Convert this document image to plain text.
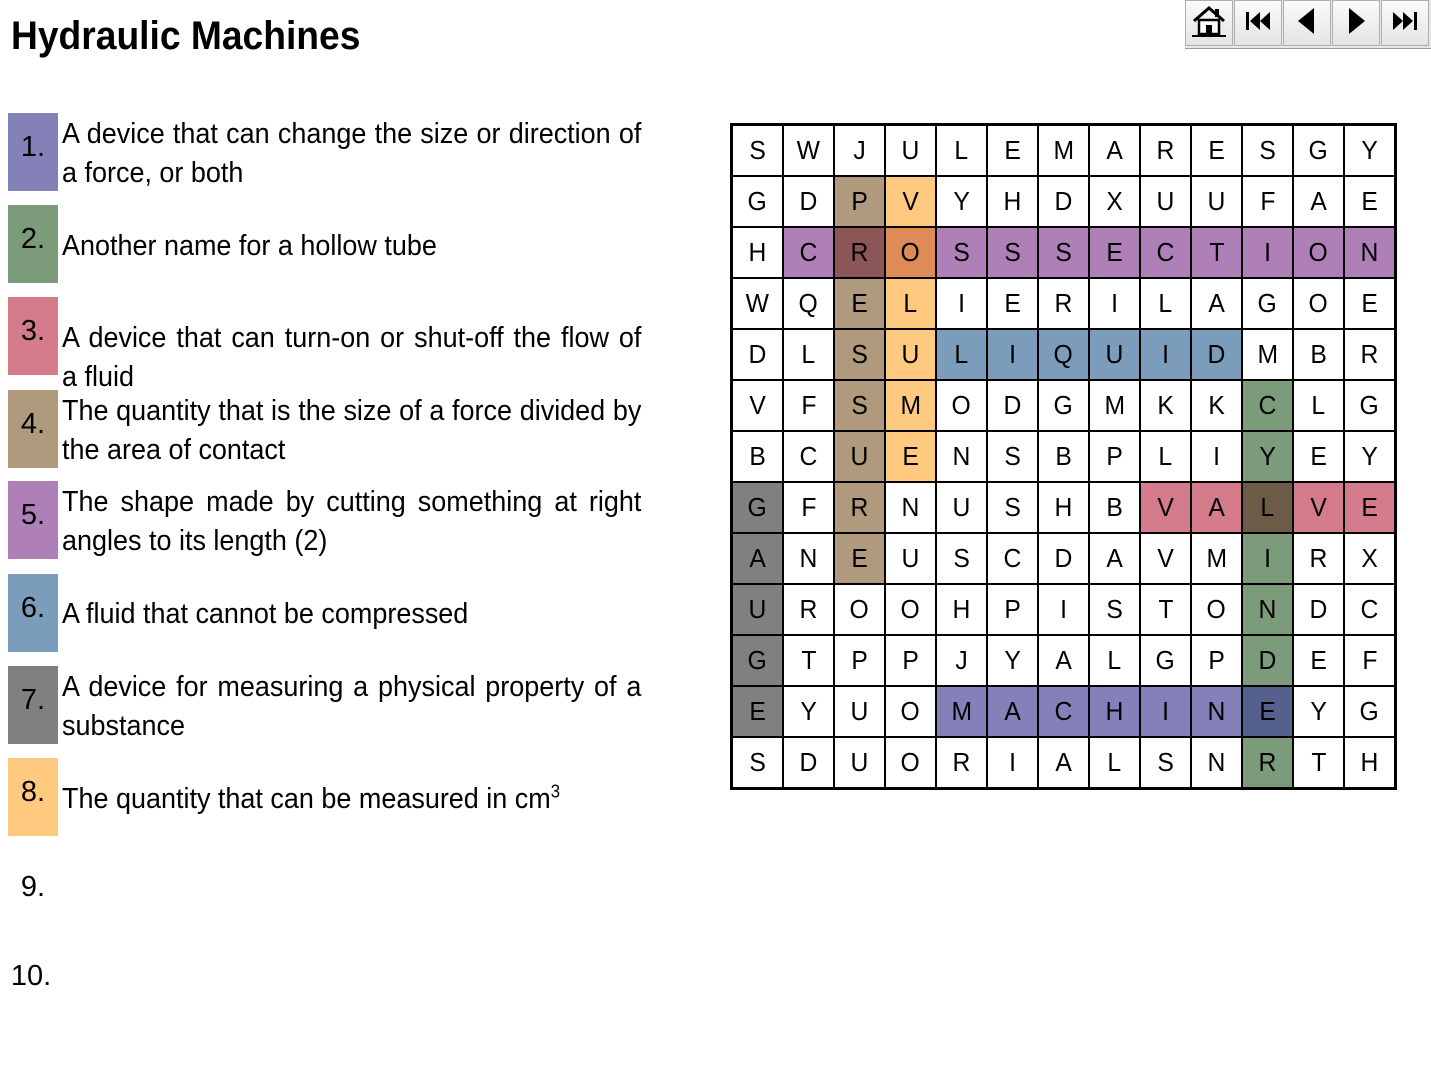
Hydraulic Machines
1. A device that can change the size or direction of a force, or both
2. Another name for a hollow tube
3. A device that can turn-on or shut-off the flow of a fluid
4. The quantity that is the size of a force divided by the area of contact
5. The shape made by cutting something at right angles to its length (2)
6. A fluid that cannot be compressed
7. A device for measuring a physical property of a substance
8. The quantity that can be measured in $cm^3$
9.
10.
S	W	J	U	L	E	M	A	R	E	S	G	Y
G	D	P	V	Y	H	D	X	U	U	F	A	E
H	C	R	O	S	S	S	E	C	T	I	O	N
W	Q	E	L	I	E	R	I	L	A	G	O	E
D	L	S	U	L	I	Q	U	I	D	M	B	R
V	F	S	M	O	D	G	M	K	K	C	L	G
B	C	U	E	N	S	B	P	L	I	Y	E	Y
G	F	R	N	U	S	H	B	V	A	L	V	E
A	N	E	U	S	C	D	A	V	M	I	R	X
U	R	O	O	H	P	I	S	T	O	N	D	C
G	T	P	P	J	Y	A	L	G	P	D	E	F
E	Y	U	O	M	A	C	H	I	N	E	Y	G
S	D	U	O	R	I	A	L	S	N	R	T	H
